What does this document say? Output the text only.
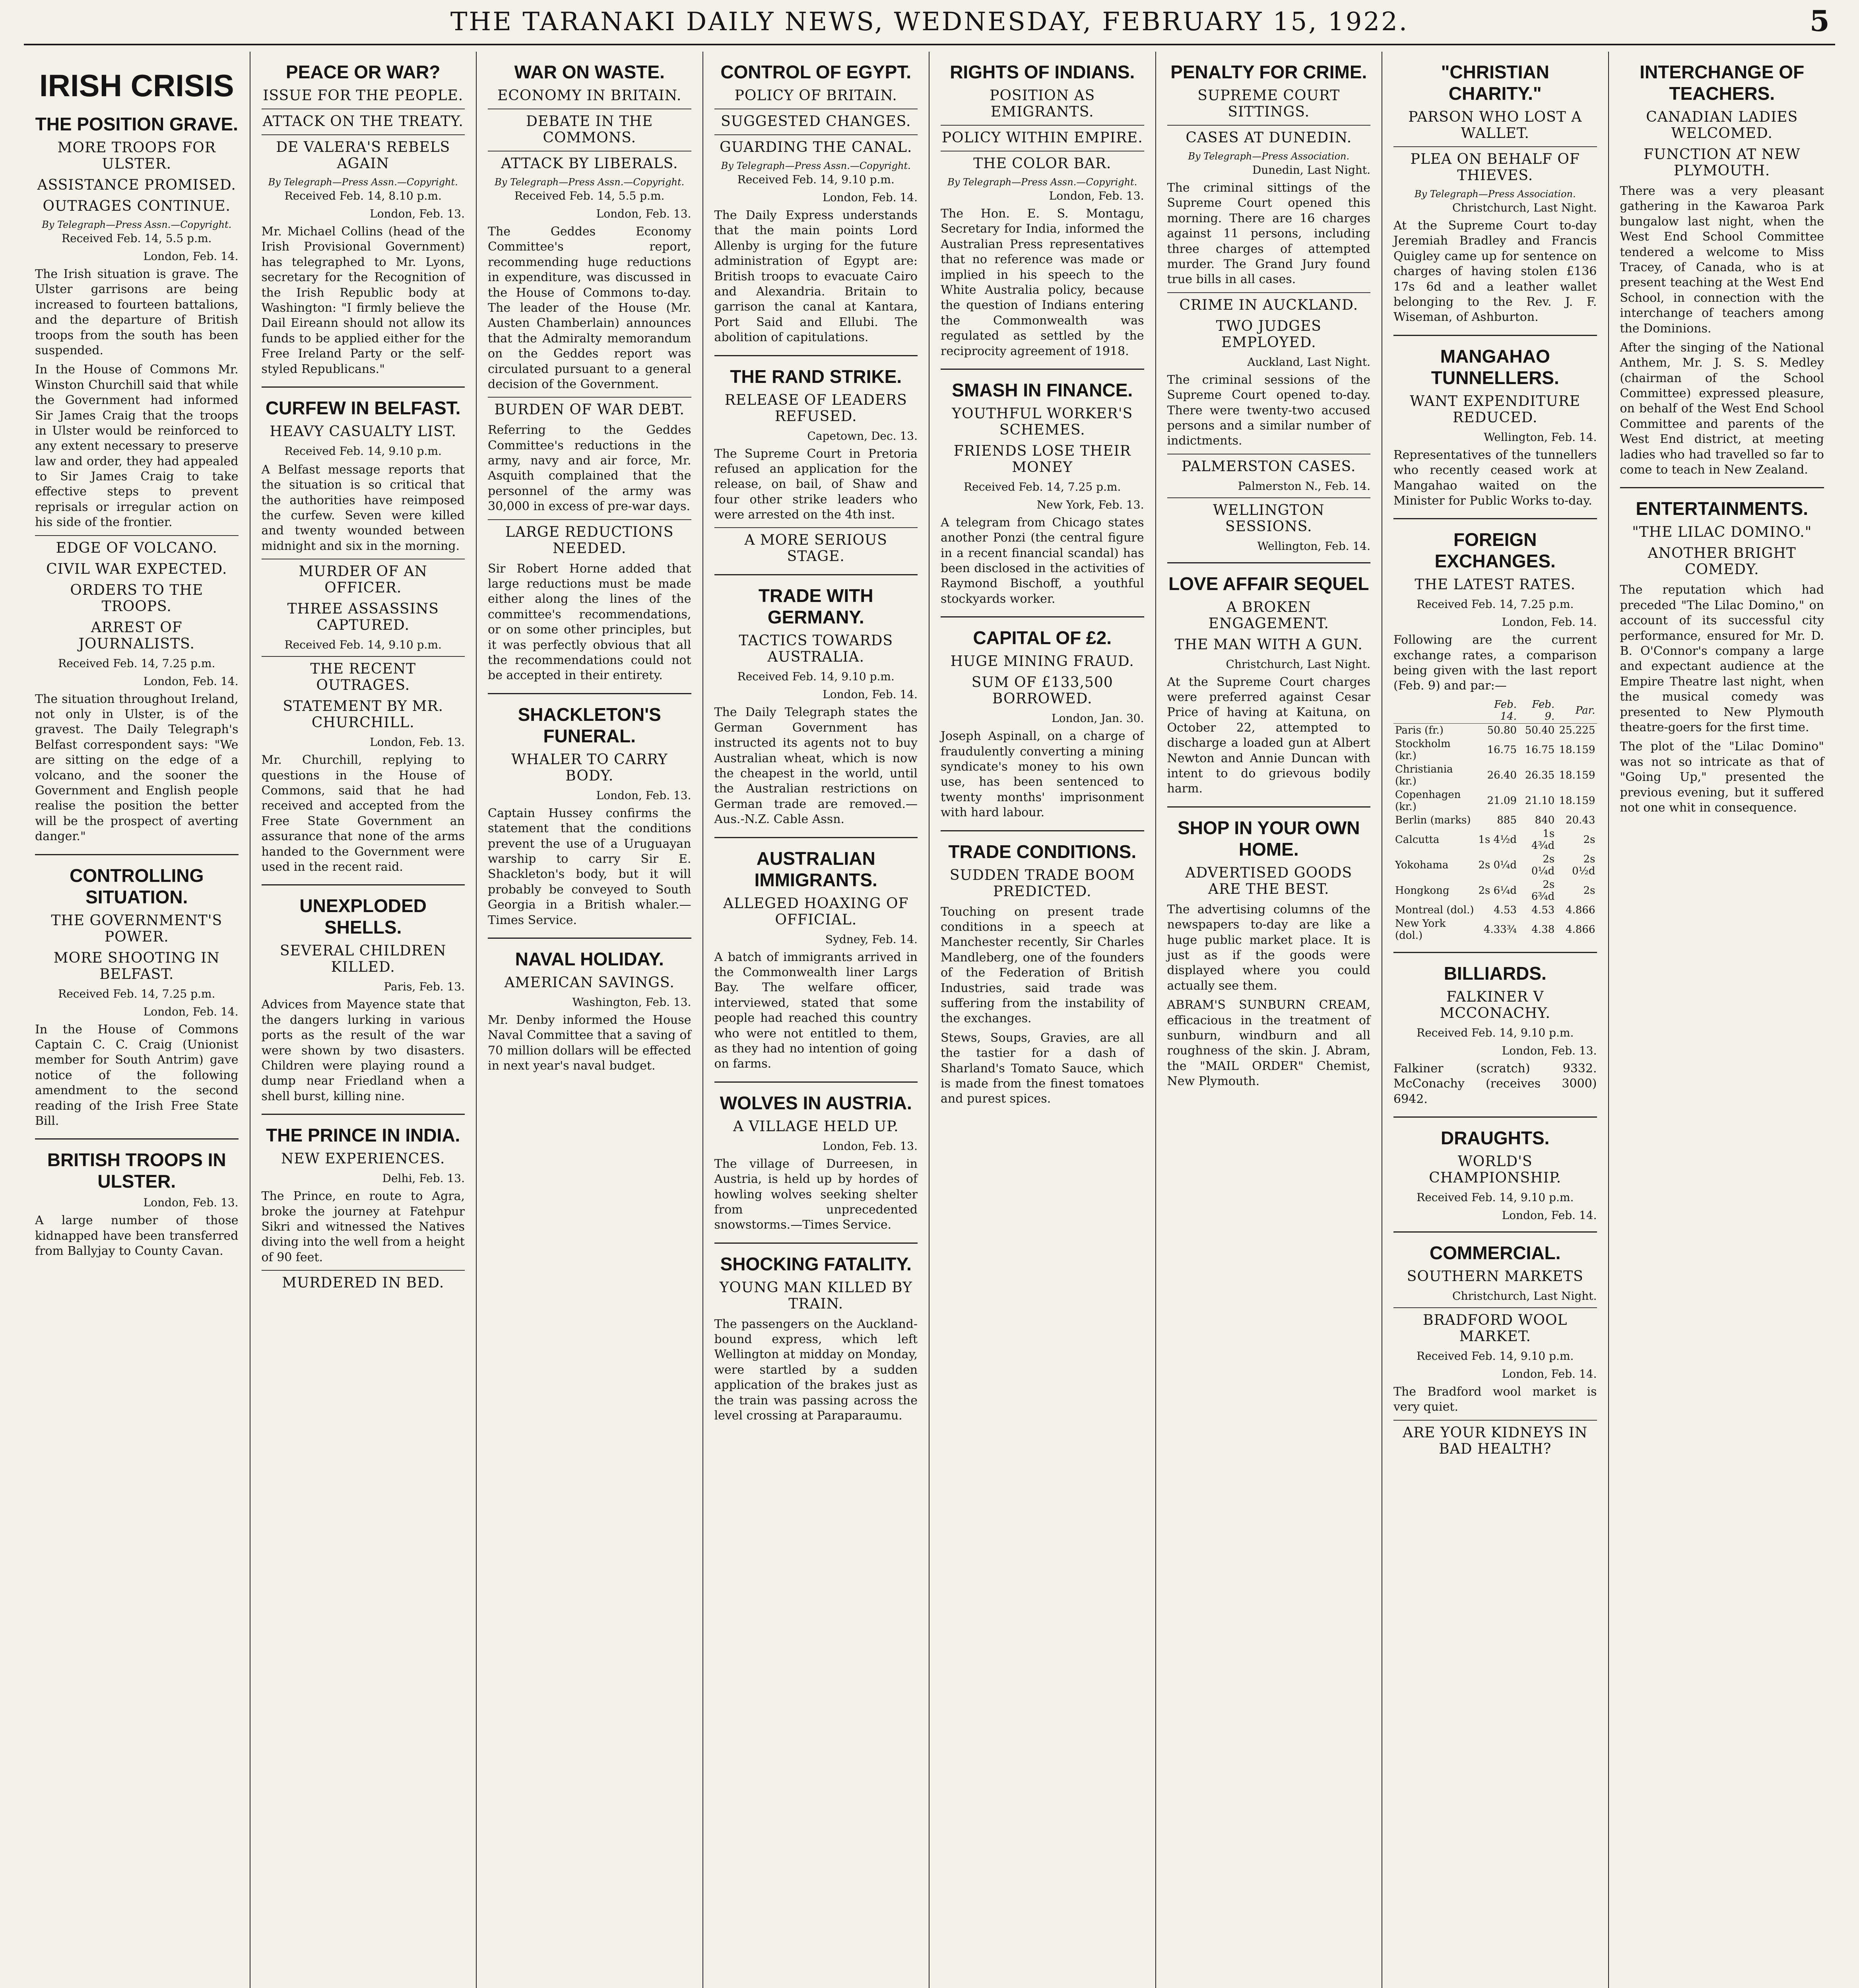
THE TARANAKI DAILY NEWS, WEDNESDAY, FEBRUARY 15, 1922.	5
IRISH CRISIS
THE POSITION GRAVE.
MORE TROOPS FOR ULSTER.
ASSISTANCE PROMISED.
OUTRAGES CONTINUE.
By Telegraph—Press Assn.—Copyright.
Received Feb. 14, 5.5 p.m.
London, Feb. 14.

The Irish situation is grave. The Ulster garrisons are being increased to fourteen battalions, and the departure of British troops from the south has been suspended.

In the House of Commons Mr. Winston Churchill said that while the Government had informed Sir James Craig that the troops in Ulster would be reinforced to any extent necessary to preserve law and order, they had appealed to Sir James Craig to take effective steps to prevent reprisals or irregular action on his side of the frontier.

EDGE OF VOLCANO.
CIVIL WAR EXPECTED.
ORDERS TO THE TROOPS.
ARREST OF JOURNALISTS.
Received Feb. 14, 7.25 p.m.
London, Feb. 14.

The situation throughout Ireland, not only in Ulster, is of the gravest. The Daily Telegraph's Belfast correspondent says: "We are sitting on the edge of a volcano, and the sooner the Government and English people realise the position the better will be the prospect of averting danger."

CONTROLLING SITUATION.
THE GOVERNMENT'S POWER.
MORE SHOOTING IN BELFAST.
Received Feb. 14, 7.25 p.m.
London, Feb. 14.

In the House of Commons Captain C. C. Craig (Unionist member for South Antrim) gave notice of the following amendment to the second reading of the Irish Free State Bill.

BRITISH TROOPS IN ULSTER.
London, Feb. 13.

A large number of those kidnapped have been transferred from Ballyjay to County Cavan.

PEACE OR WAR?
ISSUE FOR THE PEOPLE.
ATTACK ON THE TREATY.
DE VALERA'S REBELS AGAIN
By Telegraph—Press Assn.—Copyright.
Received Feb. 14, 8.10 p.m.
London, Feb. 13.

Mr. Michael Collins (head of the Irish Provisional Government) has telegraphed to Mr. Lyons, secretary for the Recognition of the Irish Republic body at Washington: "I firmly believe the Dail Eireann should not allow its funds to be applied either for the Free Ireland Party or the self-styled Republicans."

CURFEW IN BELFAST.
HEAVY CASUALTY LIST.
Received Feb. 14, 9.10 p.m.

A Belfast message reports that the situation is so critical that the authorities have reimposed the curfew. Seven were killed and twenty wounded between midnight and six in the morning.

MURDER OF AN OFFICER.
THREE ASSASSINS CAPTURED.
Received Feb. 14, 9.10 p.m.
THE RECENT OUTRAGES.
STATEMENT BY MR. CHURCHILL.
London, Feb. 13.

Mr. Churchill, replying to questions in the House of Commons, said that he had received and accepted from the Free State Government an assurance that none of the arms handed to the Government were used in the recent raid.

UNEXPLODED SHELLS.
SEVERAL CHILDREN KILLED.
Paris, Feb. 13.

Advices from Mayence state that the dangers lurking in various ports as the result of the war were shown by two disasters. Children were playing round a dump near Friedland when a shell burst, killing nine.

THE PRINCE IN INDIA.
NEW EXPERIENCES.
Delhi, Feb. 13.

The Prince, en route to Agra, broke the journey at Fatehpur Sikri and witnessed the Natives diving into the well from a height of 90 feet.

MURDERED IN BED.
WAR ON WASTE.
ECONOMY IN BRITAIN.
DEBATE IN THE COMMONS.
ATTACK BY LIBERALS.
By Telegraph—Press Assn.—Copyright.
Received Feb. 14, 5.5 p.m.
London, Feb. 13.

The Geddes Economy Committee's report, recommending huge reductions in expenditure, was discussed in the House of Commons to-day. The leader of the House (Mr. Austen Chamberlain) announces that the Admiralty memorandum on the Geddes report was circulated pursuant to a general decision of the Government.

BURDEN OF WAR DEBT.

Referring to the Geddes Committee's reductions in the army, navy and air force, Mr. Asquith complained that the personnel of the army was 30,000 in excess of pre-war days.

LARGE REDUCTIONS NEEDED.

Sir Robert Horne added that large reductions must be made either along the lines of the committee's recommendations, or on some other principles, but it was perfectly obvious that all the recommendations could not be accepted in their entirety.

SHACKLETON'S FUNERAL.
WHALER TO CARRY BODY.
London, Feb. 13.

Captain Hussey confirms the statement that the conditions prevent the use of a Uruguayan warship to carry Sir E. Shackleton's body, but it will probably be conveyed to South Georgia in a British whaler.—Times Service.

NAVAL HOLIDAY.
AMERICAN SAVINGS.
Washington, Feb. 13.

Mr. Denby informed the House Naval Committee that a saving of 70 million dollars will be effected in next year's naval budget.

CONTROL OF EGYPT.
POLICY OF BRITAIN.
SUGGESTED CHANGES.
GUARDING THE CANAL.
By Telegraph—Press Assn.—Copyright.
Received Feb. 14, 9.10 p.m.
London, Feb. 14.

The Daily Express understands that the main points Lord Allenby is urging for the future administration of Egypt are: British troops to evacuate Cairo and Alexandria. Britain to garrison the canal at Kantara, Port Said and Ellubi. The abolition of capitulations.

THE RAND STRIKE.
RELEASE OF LEADERS REFUSED.
Capetown, Dec. 13.

The Supreme Court in Pretoria refused an application for the release, on bail, of Shaw and four other strike leaders who were arrested on the 4th inst.

A MORE SERIOUS STAGE.
TRADE WITH GERMANY.
TACTICS TOWARDS AUSTRALIA.
Received Feb. 14, 9.10 p.m.
London, Feb. 14.

The Daily Telegraph states the German Government has instructed its agents not to buy Australian wheat, which is now the cheapest in the world, until the Australian restrictions on German trade are removed.—Aus.-N.Z. Cable Assn.

AUSTRALIAN IMMIGRANTS.
ALLEGED HOAXING OF OFFICIAL.
Sydney, Feb. 14.

A batch of immigrants arrived in the Commonwealth liner Largs Bay. The welfare officer, interviewed, stated that some people had reached this country who were not entitled to them, as they had no intention of going on farms.

WOLVES IN AUSTRIA.
A VILLAGE HELD UP.
London, Feb. 13.

The village of Durreesen, in Austria, is held up by hordes of howling wolves seeking shelter from unprecedented snowstorms.—Times Service.

SHOCKING FATALITY.
YOUNG MAN KILLED BY TRAIN.

The passengers on the Auckland-bound express, which left Wellington at midday on Monday, were startled by a sudden application of the brakes just as the train was passing across the level crossing at Paraparaumu.

RIGHTS OF INDIANS.
POSITION AS EMIGRANTS.
POLICY WITHIN EMPIRE.
THE COLOR BAR.
By Telegraph—Press Assn.—Copyright.
London, Feb. 13.

The Hon. E. S. Montagu, Secretary for India, informed the Australian Press representatives that no reference was made or implied in his speech to the White Australia policy, because the question of Indians entering the Commonwealth was regulated as settled by the reciprocity agreement of 1918.

SMASH IN FINANCE.
YOUTHFUL WORKER'S SCHEMES.
FRIENDS LOSE THEIR MONEY
Received Feb. 14, 7.25 p.m.
New York, Feb. 13.

A telegram from Chicago states another Ponzi (the central figure in a recent financial scandal) has been disclosed in the activities of Raymond Bischoff, a youthful stockyards worker.

CAPITAL OF £2.
HUGE MINING FRAUD.
SUM OF £133,500 BORROWED.
London, Jan. 30.

Joseph Aspinall, on a charge of fraudulently converting a mining syndicate's money to his own use, has been sentenced to twenty months' imprisonment with hard labour.

TRADE CONDITIONS.
SUDDEN TRADE BOOM PREDICTED.

Touching on present trade conditions in a speech at Manchester recently, Sir Charles Mandleberg, one of the founders of the Federation of British Industries, said trade was suffering from the instability of the exchanges.

Stews, Soups, Gravies, are all the tastier for a dash of Sharland's Tomato Sauce, which is made from the finest tomatoes and purest spices.

PENALTY FOR CRIME.
SUPREME COURT SITTINGS.
CASES AT DUNEDIN.
By Telegraph—Press Association.
Dunedin, Last Night.

The criminal sittings of the Supreme Court opened this morning. There are 16 charges against 11 persons, including three charges of attempted murder. The Grand Jury found true bills in all cases.

CRIME IN AUCKLAND.
TWO JUDGES EMPLOYED.
Auckland, Last Night.

The criminal sessions of the Supreme Court opened to-day. There were twenty-two accused persons and a similar number of indictments.

PALMERSTON CASES.
Palmerston N., Feb. 14.
WELLINGTON SESSIONS.
Wellington, Feb. 14.
LOVE AFFAIR SEQUEL
A BROKEN ENGAGEMENT.
THE MAN WITH A GUN.
Christchurch, Last Night.

At the Supreme Court charges were preferred against Cesar Price of having at Kaituna, on October 22, attempted to discharge a loaded gun at Albert Newton and Annie Duncan with intent to do grievous bodily harm.

SHOP IN YOUR OWN HOME.
ADVERTISED GOODS ARE THE BEST.

The advertising columns of the newspapers to-day are like a huge public market place. It is just as if the goods were displayed where you could actually see them.

ABRAM'S SUNBURN CREAM, efficacious in the treatment of sunburn, windburn and all roughness of the skin. J. Abram, the "MAIL ORDER" Chemist, New Plymouth.

"CHRISTIAN CHARITY."
PARSON WHO LOST A WALLET.
PLEA ON BEHALF OF THIEVES.
By Telegraph—Press Association.
Christchurch, Last Night.

At the Supreme Court to-day Jeremiah Bradley and Francis Quigley came up for sentence on charges of having stolen £136 17s 6d and a leather wallet belonging to the Rev. J. F. Wiseman, of Ashburton.

MANGAHAO TUNNELLERS.
WANT EXPENDITURE REDUCED.
Wellington, Feb. 14.

Representatives of the tunnellers who recently ceased work at Mangahao waited on the Minister for Public Works to-day.

FOREIGN EXCHANGES.
THE LATEST RATES.
Received Feb. 14, 7.25 p.m.
London, Feb. 14.

Following are the current exchange rates, a comparison being given with the last report (Feb. 9) and par:—

	Feb. 14.	Feb. 9.	Par.
Paris (fr.)	50.80	50.40	25.225
Stockholm (kr.)	16.75	16.75	18.159
Christiania (kr.)	26.40	26.35	18.159
Copenhagen (kr.)	21.09	21.10	18.159
Berlin (marks)	885	840	20.43
Calcutta	1s 4½d	1s 4¾d	2s
Yokohama	2s 0¼d	2s 0¼d	2s 0½d
Hongkong	2s 6¼d	2s 6¾d	2s
Montreal (dol.)	4.53	4.53	4.866
New York (dol.)	4.33¾	4.38	4.866
BILLIARDS.
FALKINER V MCCONACHY.
Received Feb. 14, 9.10 p.m.
London, Feb. 13.

Falkiner (scratch) 9332. McConachy (receives 3000) 6942.

DRAUGHTS.
WORLD'S CHAMPIONSHIP.
Received Feb. 14, 9.10 p.m.
London, Feb. 14.
COMMERCIAL.
SOUTHERN MARKETS
Christchurch, Last Night.
BRADFORD WOOL MARKET.
Received Feb. 14, 9.10 p.m.
London, Feb. 14.

The Bradford wool market is very quiet.

ARE YOUR KIDNEYS IN BAD HEALTH?
INTERCHANGE OF TEACHERS.
CANADIAN LADIES WELCOMED.
FUNCTION AT NEW PLYMOUTH.

There was a very pleasant gathering in the Kawaroa Park bungalow last night, when the West End School Committee tendered a welcome to Miss Tracey, of Canada, who is at present teaching at the West End School, in connection with the interchange of teachers among the Dominions.

After the singing of the National Anthem, Mr. J. S. S. Medley (chairman of the School Committee) expressed pleasure, on behalf of the West End School Committee and parents of the West End district, at meeting ladies who had travelled so far to come to teach in New Zealand.

ENTERTAINMENTS.
"THE LILAC DOMINO."
ANOTHER BRIGHT COMEDY.

The reputation which had preceded "The Lilac Domino," on account of its successful city performance, ensured for Mr. D. B. O'Connor's company a large and expectant audience at the Empire Theatre last night, when the musical comedy was presented to New Plymouth theatre-goers for the first time.

The plot of the "Lilac Domino" was not so intricate as that of "Going Up," presented the previous evening, but it suffered not one whit in consequence.
